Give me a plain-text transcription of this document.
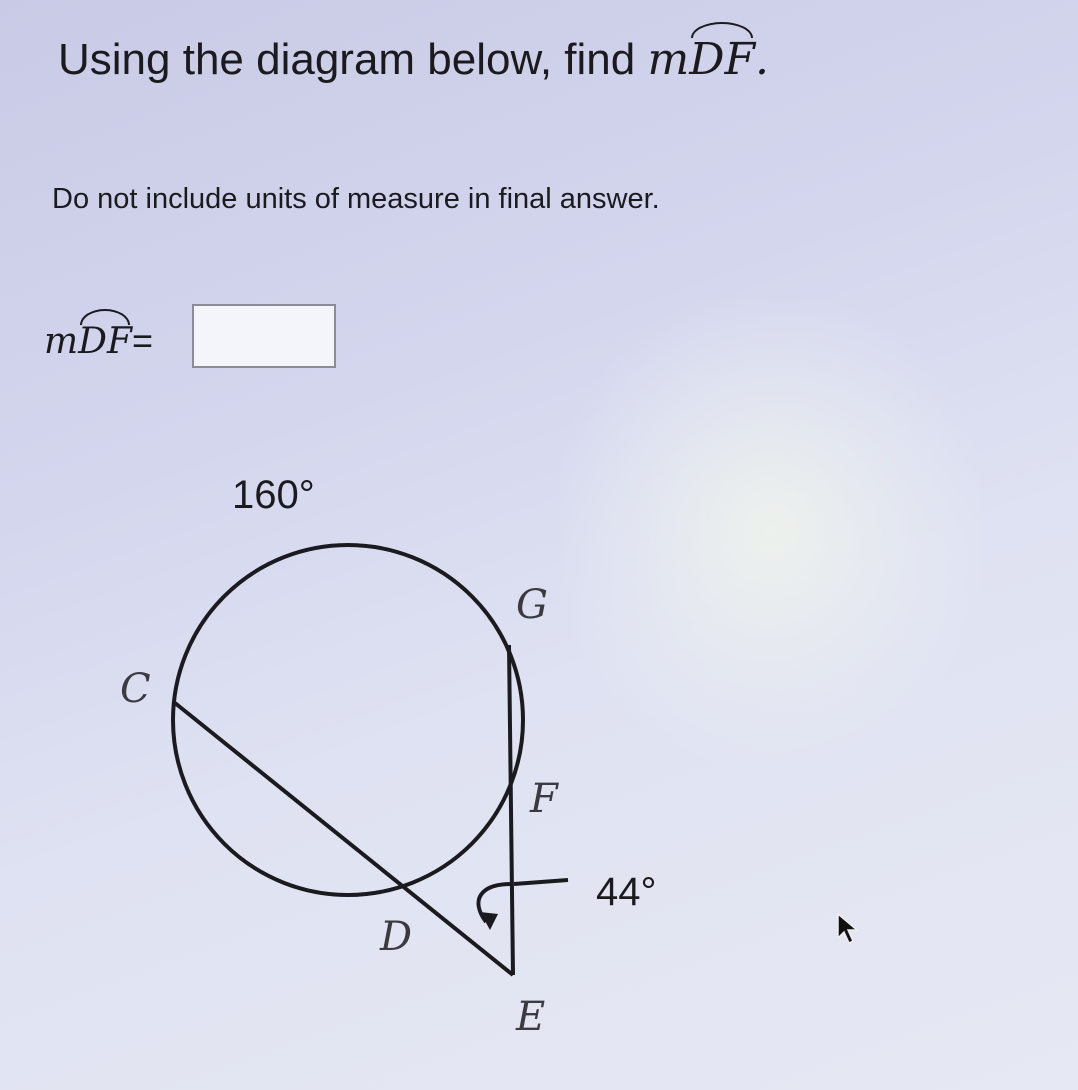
Using the diagram below, find mDF.
Do not include units of measure in final answer.
mDF=
160°
44°
C
G
F
D
E
